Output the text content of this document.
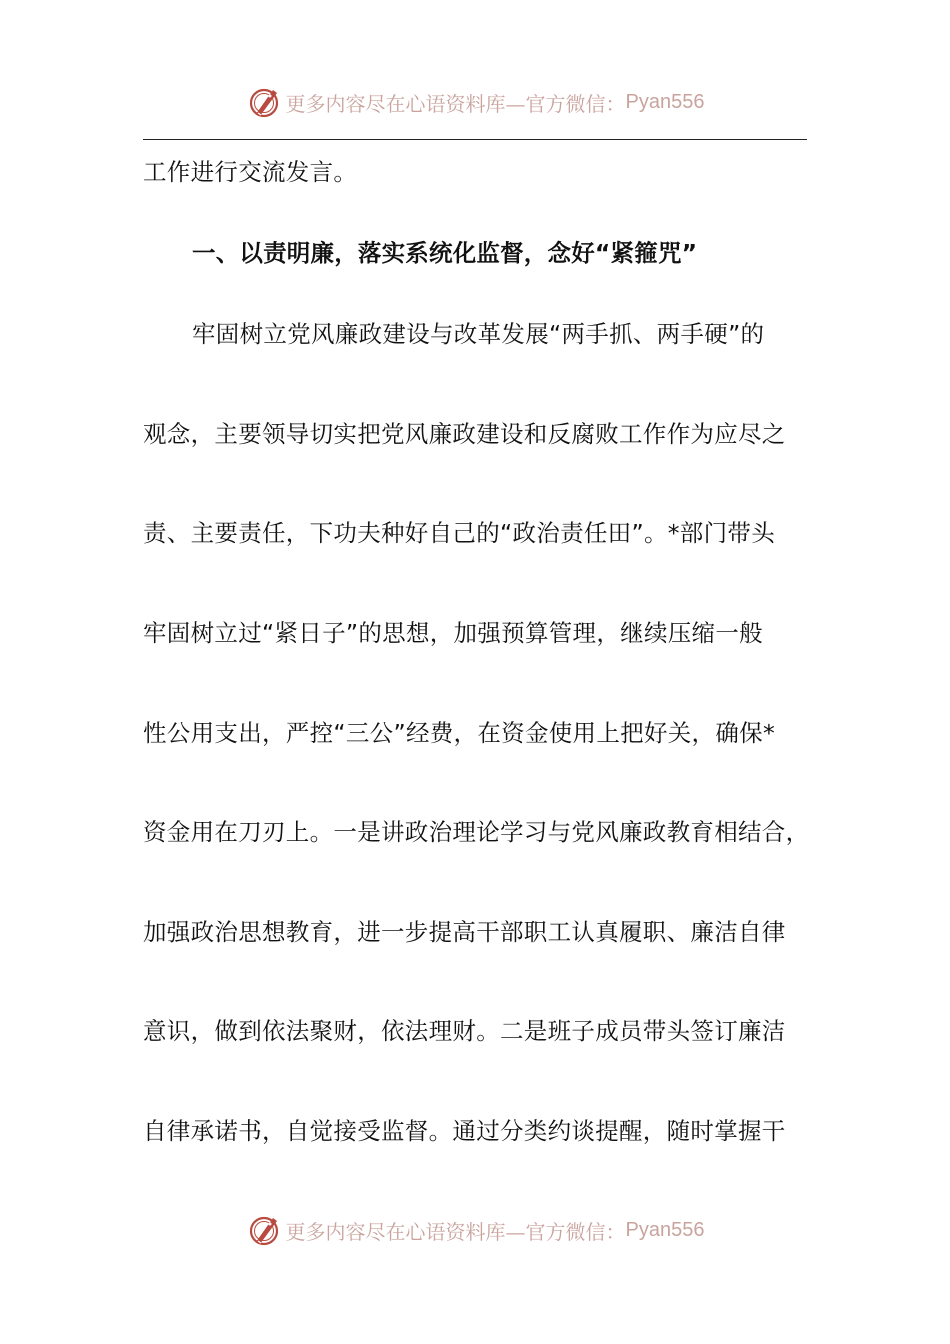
更多内容尽在心语资料库—官方微信： Pyan556
工作进行交流发言。
一、以责明廉，落实系统化监督，念好“紧箍咒”
牢固树立党风廉政建设与改革发展“两手抓、两手硬”的
观念，主要领导切实把党风廉政建设和反腐败工作作为应尽之
责、主要责任，下功夫种好自己的“政治责任田”。*部门带头
牢固树立过“紧日子”的思想，加强预算管理，继续压缩一般
性公用支出，严控“三公”经费，在资金使用上把好关，确保*
资金用在刀刃上。一是讲政治理论学习与党风廉政教育相结合，
加强政治思想教育，进一步提高干部职工认真履职、廉洁自律
意识，做到依法聚财，依法理财。二是班子成员带头签订廉洁
自律承诺书，自觉接受监督。通过分类约谈提醒，随时掌握干
更多内容尽在心语资料库—官方微信： Pyan556
